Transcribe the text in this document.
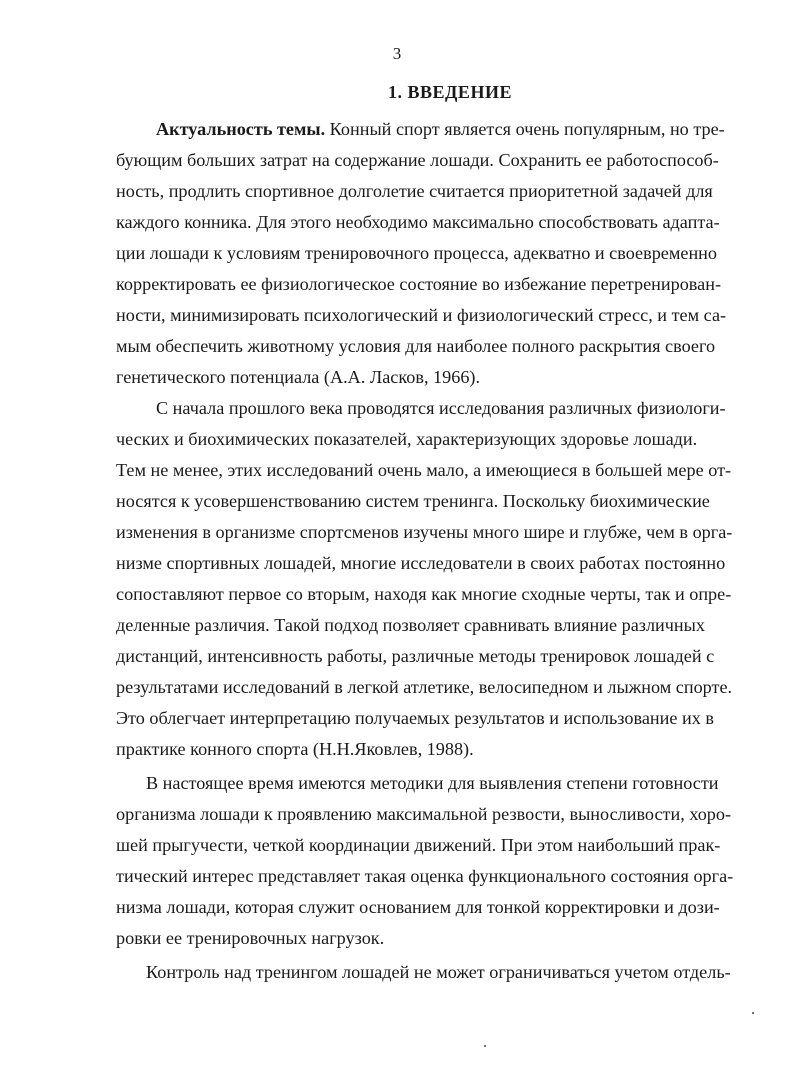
3
1. ВВЕДЕНИЕ
Актуальность темы. Конный спорт является очень популярным, но тре-
бующим больших затрат на содержание лошади. Сохранить ее работоспособ-
ность, продлить спортивное долголетие считается приоритетной задачей для
каждого конника. Для этого необходимо максимально способствовать адапта-
ции лошади к условиям тренировочного процесса, адекватно и своевременно
корректировать ее физиологическое состояние во избежание перетренирован-
ности, минимизировать психологический и физиологический стресс, и тем са-
мым обеспечить животному условия для наиболее полного раскрытия своего
генетического потенциала (А.А. Ласков, 1966).
С начала прошлого века проводятся исследования различных физиологи-
ческих и биохимических показателей, характеризующих здоровье лошади.
Тем не менее, этих исследований очень мало, а имеющиеся в большей мере от-
носятся к усовершенствованию систем тренинга. Поскольку биохимические
изменения в организме спортсменов изучены много шире и глубже, чем в орга-
низме спортивных лошадей, многие исследователи в своих работах постоянно
сопоставляют первое со вторым, находя как многие сходные черты, так и опре-
деленные различия. Такой подход позволяет сравнивать влияние различных
дистанций, интенсивность работы, различные методы тренировок лошадей с
результатами исследований в легкой атлетике, велосипедном и лыжном спорте.
Это облегчает интерпретацию получаемых результатов и использование их в
практике конного спорта (Н.Н.Яковлев, 1988).
В настоящее время имеются методики для выявления степени готовности
организма лошади к проявлению максимальной резвости, выносливости, хоро-
шей прыгучести, четкой координации движений. При этом наибольший прак-
тический интерес представляет такая оценка функционального состояния орга-
низма лошади, которая служит основанием для тонкой корректировки и дози-
ровки ее тренировочных нагрузок.
Контроль над тренингом лошадей не может ограничиваться учетом отдель-
